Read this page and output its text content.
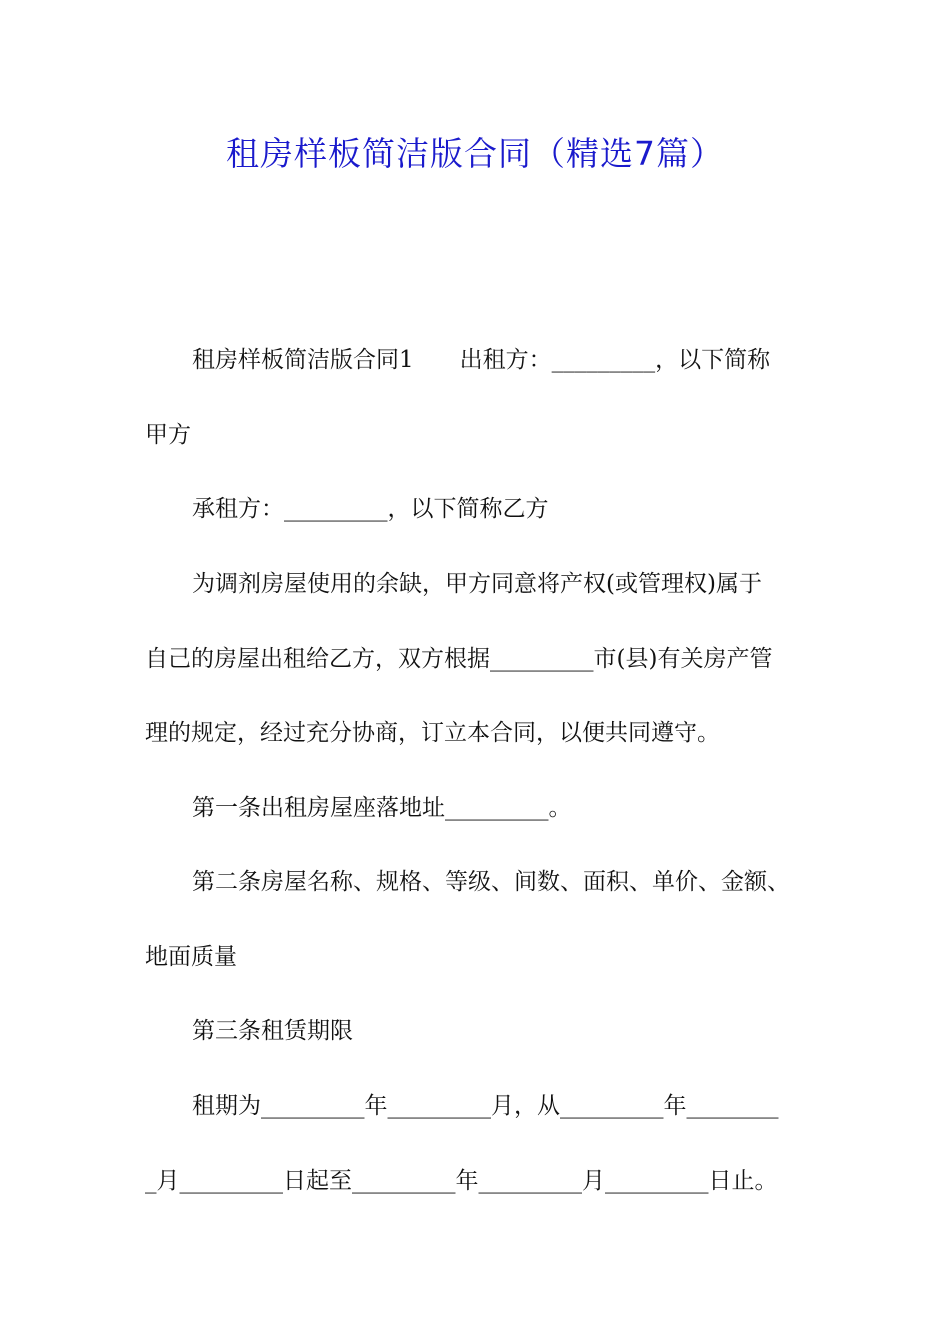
租房样板简洁版合同（精选7篇）
租房样板简洁版合同1　　出租方：_________，以下简称
甲方
承租方：_________，以下简称乙方
为调剂房屋使用的余缺，甲方同意将产权(或管理权)属于
自己的房屋出租给乙方，双方根据_________市(县)有关房产管
理的规定，经过充分协商，订立本合同，以便共同遵守。
第一条出租房屋座落地址_________。
第二条房屋名称、规格、等级、间数、面积、单价、金额、
地面质量
第三条租赁期限
租期为_________年_________月，从_________年________
_月_________日起至_________年_________月_________日止。
